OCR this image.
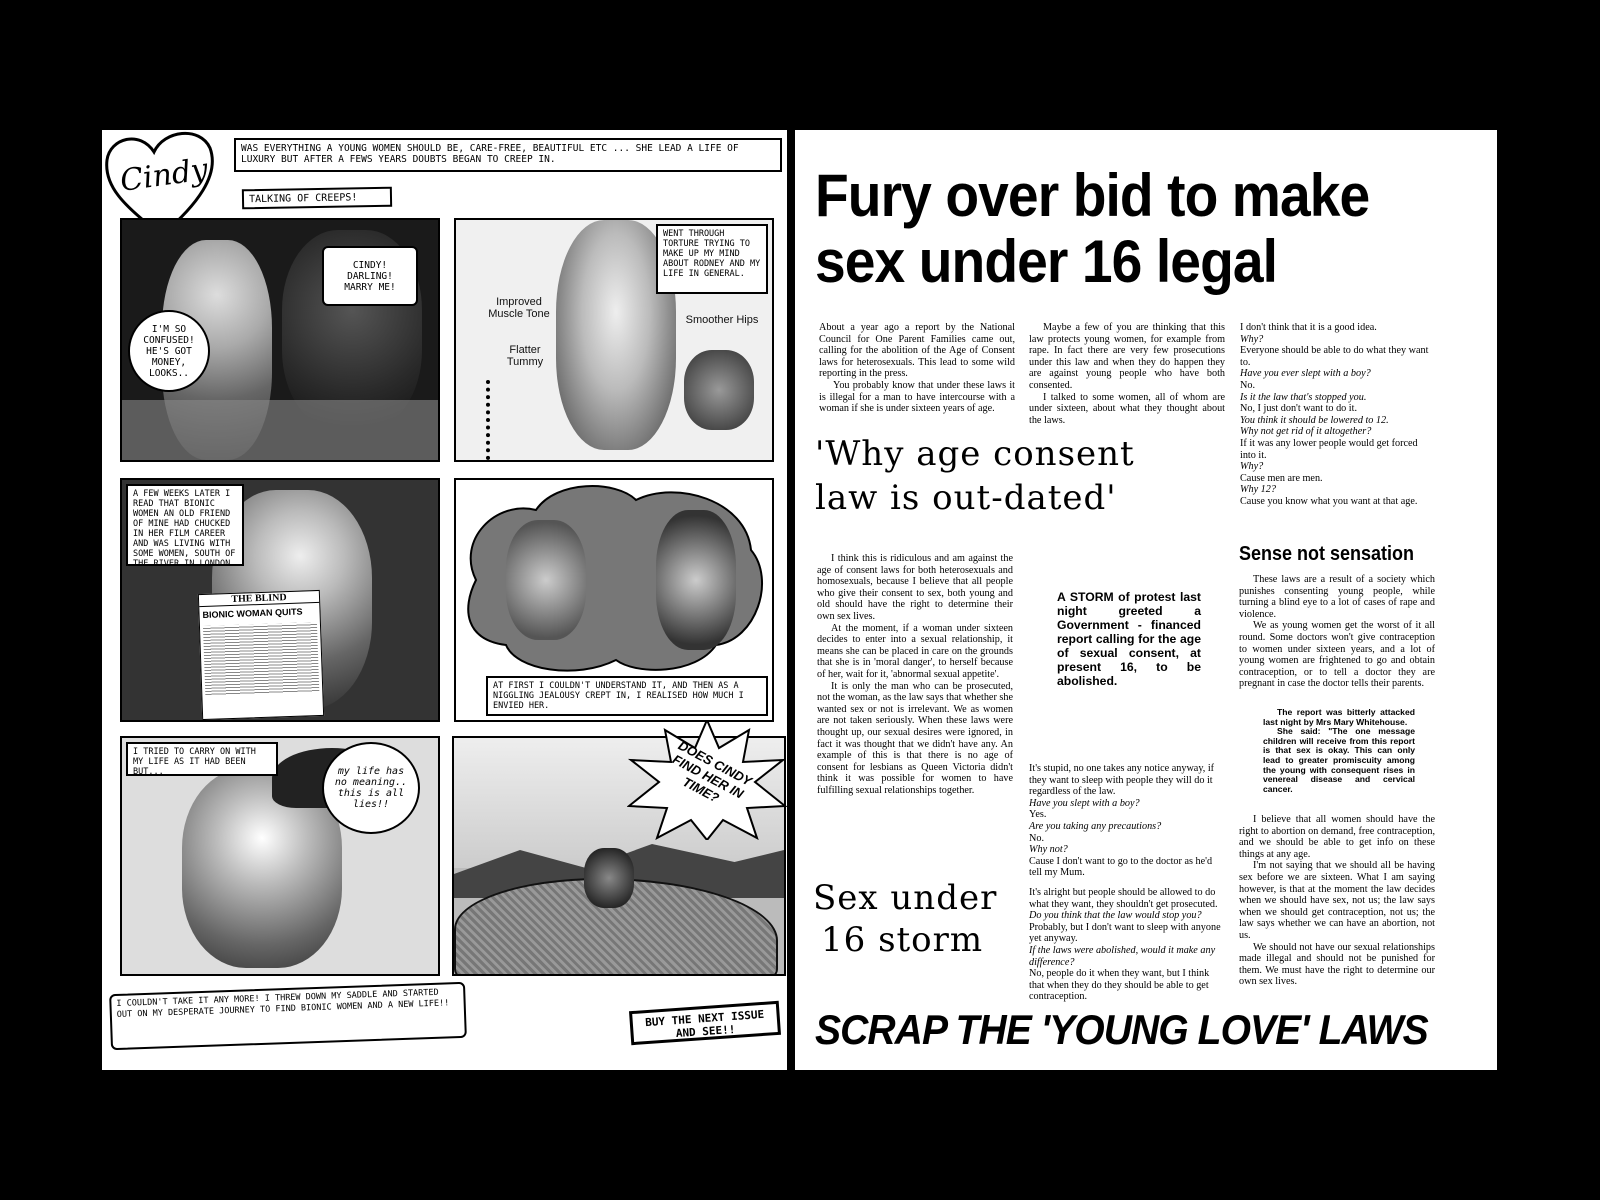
Cindy
WAS EVERYTHING A YOUNG WOMEN SHOULD BE, CARE-FREE, BEAUTIFUL ETC ... SHE LEAD A LIFE OF LUXURY BUT AFTER A FEWS YEARS DOUBTS BEGAN TO CREEP IN.
TALKING OF CREEPS!
CINDY! DARLING! MARRY ME!
I'M SO CONFUSED! HE'S GOT MONEY, LOOKS..
WENT THROUGH TORTURE TRYING TO MAKE UP MY MIND ABOUT RODNEY AND MY LIFE IN GENERAL.
Improved Muscle Tone	Smoother Hips
Flatter Tummy
THE BLIND
BIONIC WOMAN QUITS
A FEW WEEKS LATER I READ THAT BIONIC WOMEN AN OLD FRIEND OF MINE HAD CHUCKED IN HER FILM CAREER AND WAS LIVING WITH SOME WOMEN, SOUTH OF THE RIVER IN LONDON.
AT FIRST I COULDN'T UNDERSTAND IT, AND THEN AS A NIGGLING JEALOUSY CREPT IN, I REALISED HOW MUCH I ENVIED HER.
I TRIED TO CARRY ON WITH MY LIFE AS IT HAD BEEN BUT...	my life has no meaning.. this is all lies!!
DOES CINDY FIND HER IN TIME?
I COULDN'T TAKE IT ANY MORE! I THREW DOWN MY SADDLE AND STARTED OUT ON MY DESPERATE JOURNEY TO FIND BIONIC WOMEN AND A NEW LIFE!!	BUY THE NEXT ISSUE AND SEE!!
Fury over bid to make
sex under 16 legal

About a year ago a report by the National Council for One Parent Families came out, calling for the abolition of the Age of Consent laws for heterosexuals. This lead to some wild reporting in the press.

You probably know that under these laws it is illegal for a man to have intercourse with a woman if she is under sixteen years of age.

Maybe a few of you are thinking that this law protects young women, for example from rape. In fact there are very few prosecutions under this law and when they do happen they are against young people who have both consented.

I talked to some women, all of whom are under sixteen, about what they thought about the laws.

I don't think that it is a good idea.
Why?
Everyone should be able to do what they want to.
Have you ever slept with a boy?
No.
Is it the law that's stopped you.
No, I just don't want to do it.
You think it should be lowered to 12.
Why not get rid of it altogether?
If it was any lower people would get forced into it.
Why?
Cause men are men.
Why 12?
Cause you know what you want at that age.
'Why age consent
law is out-dated'

I think this is ridiculous and am against the age of consent laws for both heterosexuals and homosexuals, because I believe that all people who give their consent to sex, both young and old should have the right to determine their own sex lives.

At the moment, if a woman under sixteen decides to enter into a sexual relationship, it means she can be placed in care on the grounds that she is in 'moral danger', to herself because of her, wait for it, 'abnormal sexual appetite'.

It is only the man who can be prosecuted, not the woman, as the law says that whether she wanted sex or not is irrelevant. We as women are not taken seriously. When these laws were thought up, our sexual desires were ignored, in fact it was thought that we didn't have any. An example of this is that there is no age of consent for lesbians as Queen Victoria didn't think it was possible for women to have fulfilling sexual relationships together.

A STORM of protest last night greeted a Government - financed report calling for the age of sexual consent, at present 16, to be abolished.
It's stupid, no one takes any notice anyway, if they want to sleep with people they will do it regardless of the law.
Have you slept with a boy?
Yes.
Are you taking any precautions?
No.
Why not?
Cause I don't want to go to the doctor as he'd tell my Mum.
It's alright but people should be allowed to do what they want, they shouldn't get prosecuted.
Do you think that the law would stop you?
Probably, but I don't want to sleep with anyone yet anyway.
If the laws were abolished, would it make any difference?
No, people do it when they want, but I think that when they do they should be able to get contraception.
Sex under
16 storm
Sense not sensation

These laws are a result of a society which punishes consenting young people, while turning a blind eye to a lot of cases of rape and violence.

We as young women get the worst of it all round. Some doctors won't give contraception to women under sixteen years, and a lot of young women are frightened to go and obtain contraception, or to tell a doctor they are pregnant in case the doctor tells their parents.

The report was bitterly attacked last night by Mrs Mary Whitehouse.

She said: "The one message children will receive from this report is that sex is okay. This can only lead to greater promiscuity among the young with consequent rises in venereal disease and cervical cancer.

I believe that all women should have the right to abortion on demand, free contraception, and we should be able to get info on these things at any age.

I'm not saying that we should all be having sex before we are sixteen. What I am saying however, is that at the moment the law decides when we should have sex, not us; the law says when we should get contraception, not us; the law says whether we can have an abortion, not us.

We should not have our sexual relationships made illegal and should not be punished for them. We must have the right to determine our own sex lives.

SCRAP THE 'YOUNG LOVE' LAWS
